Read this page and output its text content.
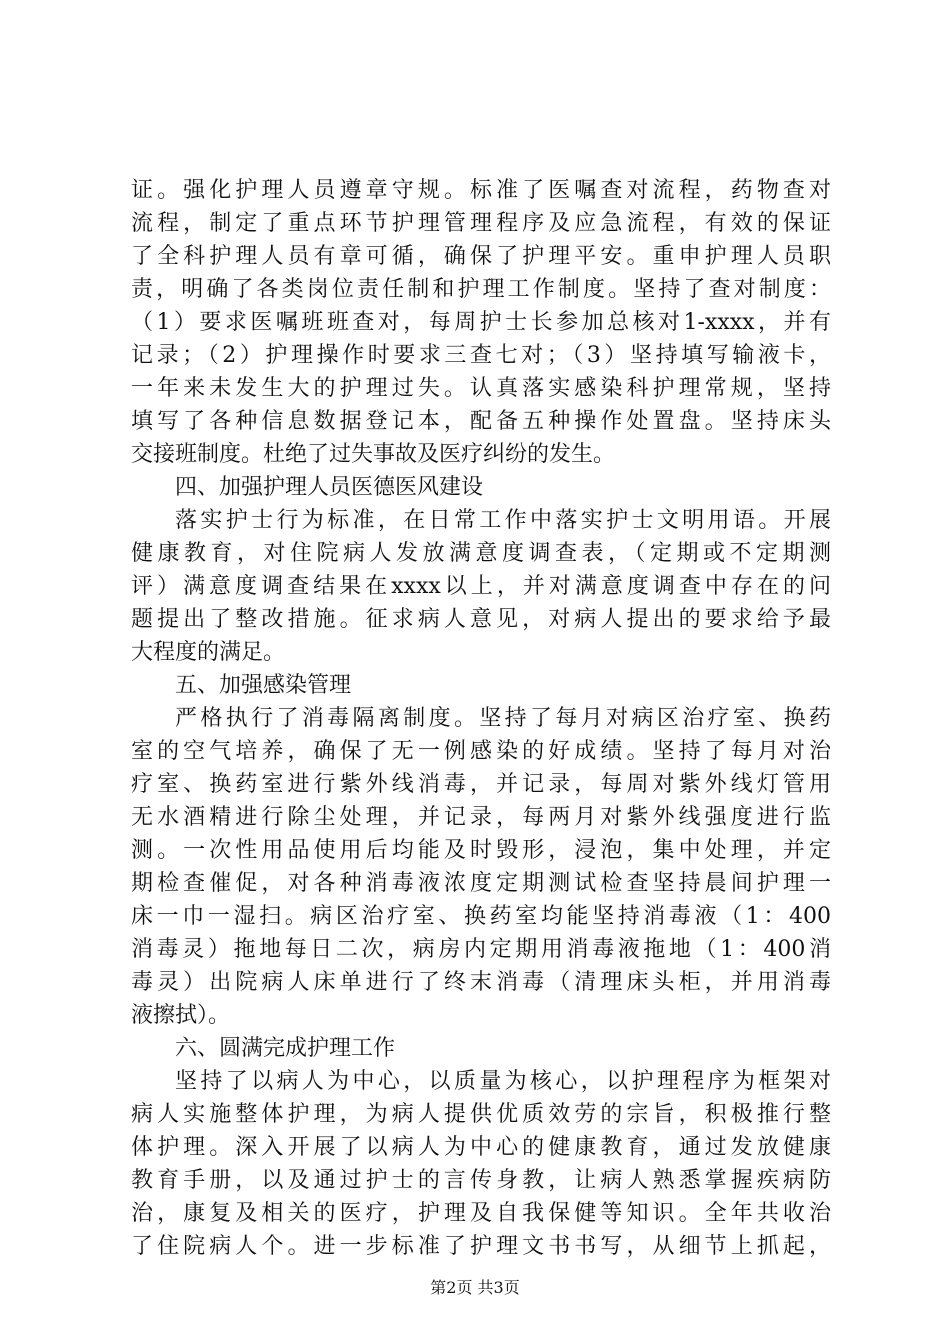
证。强化护理人员遵章守规。标准了医嘱查对流程，药物查对
流程，制定了重点环节护理管理程序及应急流程，有效的保证
了全科护理人员有章可循，确保了护理平安。重申护理人员职
责，明确了各类岗位责任制和护理工作制度。坚持了查对制度：
（1）要求医嘱班班查对，每周护士长参加总核对1-xxxx，并有
记录；（2）护理操作时要求三查七对；（3）坚持填写输液卡，
一年来未发生大的护理过失。认真落实感染科护理常规，坚持
填写了各种信息数据登记本，配备五种操作处置盘。坚持床头
交接班制度。杜绝了过失事故及医疗纠纷的发生。
四、加强护理人员医德医风建设
落实护士行为标准，在日常工作中落实护士文明用语。开展
健康教育，对住院病人发放满意度调查表，（定期或不定期测
评）满意度调查结果在xxxx以上，并对满意度调查中存在的问
题提出了整改措施。征求病人意见，对病人提出的要求给予最
大程度的满足。
五、加强感染管理
严格执行了消毒隔离制度。坚持了每月对病区治疗室、换药
室的空气培养，确保了无一例感染的好成绩。坚持了每月对治
疗室、换药室进行紫外线消毒，并记录，每周对紫外线灯管用
无水酒精进行除尘处理，并记录，每两月对紫外线强度进行监
测。一次性用品使用后均能及时毁形，浸泡，集中处理，并定
期检查催促，对各种消毒液浓度定期测试检查坚持晨间护理一
床一巾一湿扫。病区治疗室、换药室均能坚持消毒液（1：400
消毒灵）拖地每日二次，病房内定期用消毒液拖地（1：400消
毒灵）出院病人床单进行了终末消毒（清理床头柜，并用消毒
液擦拭）。
六、圆满完成护理工作
坚持了以病人为中心，以质量为核心，以护理程序为框架对
病人实施整体护理，为病人提供优质效劳的宗旨，积极推行整
体护理。深入开展了以病人为中心的健康教育，通过发放健康
教育手册，以及通过护士的言传身教，让病人熟悉掌握疾病防
治，康复及相关的医疗，护理及自我保健等知识。全年共收治
了住院病人个。进一步标准了护理文书书写，从细节上抓起，
第2页 共3页
